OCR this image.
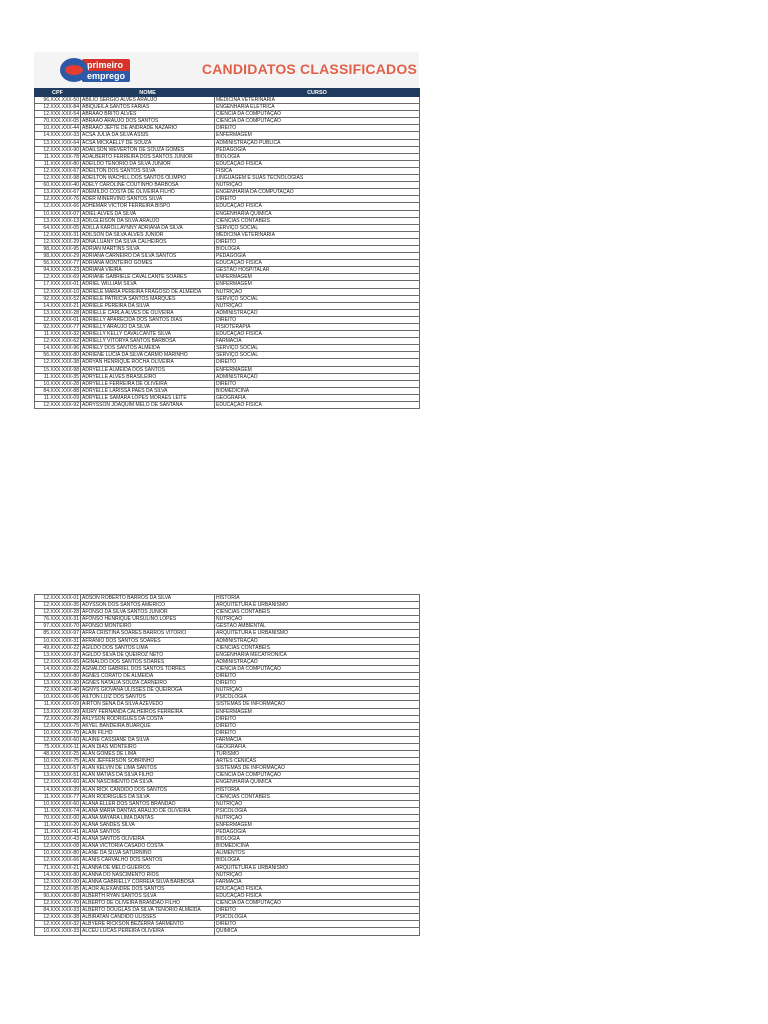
primeiro
emprego	CANDIDATOS CLASSIFICADOS
CPF	NOME	CURSO
96.XXX.XXX-50	ABILIO SÉRGIO ALVES ARAÚJO	MEDICINA VETERINÁRIA
12.XXX.XXX-84	ABIQUEILA SANTOS FARIAS	ENGENHARIA ELÉTRICA
12.XXX.XXX-54	ABRAAO BRITO ALVES	CIÊNCIA DA COMPUTAÇÃO
70.XXX.XXX-05	ABRAÃO ARAÚJO DOS SANTOS	CIÊNCIA DA COMPUTAÇÃO
10.XXX.XXX-44	ABRAÃO JEFTE DE ANDRADE NAZARIO	DIREITO
14.XXX.XXX-33	ACSA JULIA DA SILVA ASSIS	ENFERMAGEM
13.XXX.XXX-64	ACSA MICKAELLY DE SOUZA	ADMINISTRAÇÃO PÚBLICA
12.XXX.XXX-90	ADAILSON WEVERTON DE SOUZA GOMES	PEDAGOGIA
11.XXX.XXX-78	ADALBERTO FERREIRA DOS SANTOS JUNIOR	BIOLOGIA
11.XXX.XXX-80	ADEILDO TENÓRIO DA SILVA JÚNIOR	EDUCAÇÃO FÍSICA
12.XXX.XXX-67	ADEILTON DOS SANTOS SILVA	FÍSICA
12.XXX.XXX-98	ADEILTON WACHILL DOS SANTOS OLIMPIO	LINGUAGEM E SUAS TECNOLOGIAS
60.XXX.XXX-40	ADELY CAROLINE COUTINHO BARBOSA	NUTRIÇÃO
13.XXX.XXX-67	ADEMILDO COSTA DE OLIVEIRA FILHO	ENGENHARIA DA COMPUTAÇÃO
12.XXX.XXX-76	ADER MINERVINO SANTOS SILVA	DIREITO
12.XXX.XXX-66	ADHEMAR VICTOR FERREIRA BISPO	EDUCAÇÃO FÍSICA
10.XXX.XXX-07	ADIEL ALVES DA SILVA	ENGENHARIA QUÍMICA
13.XXX.XXX-13	ADILGLEISON DA SILVA ARAÚJO	CIÊNCIAS CONTÁBEIS
64.XXX.XXX-05	ADILLA KAROLLAYNNY ADRIANA DA SILVA	SERVIÇO SOCIAL
12.XXX.XXX-31	ADILSON DA SILVA ALVES JUNIOR	MEDICINA VETERINÁRIA
12.XXX.XXX-29	ADNA LUANY DA SILVA CALHEIROS	DIREITO
98.XXX.XXX-95	ADRIAN MARTINS SILVA	BIOLOGIA
98.XXX.XXX-29	ADRIANA CARNEIRO DA SILVA SANTOS	PEDAGOGIA
56.XXX.XXX-77	ADRIANA MONTEIRO GOMES	EDUCAÇÃO FÍSICA
94.XXX.XXX-23	ADRIANA VIEIRA	GESTÃO HOSPITALAR
12.XXX.XXX-69	ADRIANE GABRIELE CAVALCANTE SOARES	ENFERMAGEM
17.XXX.XXX-01	ADRIEL WILLIAM SILVA	ENFERMAGEM
12.XXX.XXX-10	ADRIELE MARIA PEREIRA FRAGOSO DE ALMEIDA	NUTRIÇÃO
92.XXX.XXX-52	ADRIELE PATRÍCIA SANTOS MARQUES	SERVIÇO SOCIAL
14.XXX.XXX-21	ADRIELE PEREIRA DA SILVA	NUTRIÇÃO
13.XXX.XXX-28	ADRIELLE CARLA ALVES DE OLIVEIRA	ADMINISTRAÇÃO
12.XXX.XXX-01	ADRIELLY APARECIDA DOS SANTOS DIAS	DIREITO
92.XXX.XXX-77	ADRIELLY ARAUJO DA SILVA	FISIOTERAPIA
11.XXX.XXX-32	ADRIELLY KELLY CAVALCANTE SILVA	EDUCAÇÃO FÍSICA
12.XXX.XXX-62	ADRIELLY VITÓRYA SANTOS BARBOSA	FARMÁCIA
14.XXX.XXX-96	ADRIELY DOS SANTOS ALMEIDA	SERVIÇO SOCIAL
56.XXX.XXX-80	ADRIENE LUCIA DA SILVA CARMO MARINHO	SERVIÇO SOCIAL
12.XXX.XXX-38	ADRYAN HENRIQUE ROCHA OLIVEIRA	DIREITO
15.XXX.XXX-98	ADRYELLE ALMEIDA DOS SANTOS	ENFERMAGEM
11.XXX.XXX-35	ADRYELLE ALVES BRASILEIRO	ADMINISTRAÇÃO
10.XXX.XXX-28	ADRYELLE FERREIRA DE OLIVEIRA	DIREITO
84.XXX.XXX-88	ADRYELLE LARISSA PAES DA SILVA	BIOMEDICINA
11.XXX.XXX-09	ADRYELLE SAMARA LOPES MORAES LEITE	GEOGRAFIA
12.XXX.XXX-92	ADRYSSON JOAQUIM MELO DE SANTANA	EDUCAÇÃO FÍSICA
12.XXX.XXX-01	ADSON ROBERTO BARROS DA SILVA	HISTÓRIA
12.XXX.XXX-35	ADYSSON DOS SANTOS AMERICO	ARQUITETURA E URBANISMO
12.XXX.XXX-28	AFONSO DA SILVA SANTOS JUNIOR	CIÊNCIAS CONTÁBEIS
76.XXX.XXX-31	AFONSO HENRIQUE URSULINO LOPES	NUTRIÇÃO
97.XXX.XXX-70	AFONSO MONTEIRO	GESTÃO AMBIENTAL
85.XXX.XXX-97	AFRA CRISTINA SOARES BARROS VITÓRIO	ARQUITETURA E URBANISMO
10.XXX.XXX-31	AFRÂNIO DOS SANTOS SOARES	ADMINISTRAÇÃO
49.XXX.XXX-22	AGILDO DOS SANTOS LIMA	CIÊNCIAS CONTÁBEIS
13.XXX.XXX-37	AGILDO SILVA DE QUEIROZ NETO	ENGENHARIA MECATRÔNICA
12.XXX.XXX-65	AGINALDO DOS SANTOS SOARES	ADMINISTRAÇÃO
14.XXX.XXX-22	AGNALDO GABRIEL DOS SANTOS TORRES	CIÊNCIA DA COMPUTAÇÃO
12.XXX.XXX-80	AGNES CORATO DE ALMEIDA	DIREITO
13.XXX.XXX-20	AGNES NATALIA SOUZA CARNEIRO	DIREITO
72.XXX.XXX-40	AGNYS GIOVANA ULISSES DE QUEIROGA	NUTRIÇÃO
10.XXX.XXX-06	AILTON LUIZ DOS SANTOS	PSICOLOGIA
11.XXX.XXX-09	AIRTON SENA DA SILVA AZEVEDO	SISTEMAS DE INFORMAÇÃO
13.XXX.XXX-99	AIURY FERNANDA CALHEIROS FERREIRA	ENFERMAGEM
72.XXX.XXX-29	AKLYSON RODRIGUES DA COSTA	DIREITO
12.XXX.XXX-75	AKYEL BANDEIRA BUARQUE	DIREITO
10.XXX.XXX-70	ALAIN FILHO	DIREITO
12.XXX.XXX-60	ALAINE CASSIANE DA SILVA	FARMÁCIA
75.XXX.XXX-11	ALAN DIAS MONTEIRO	GEOGRAFIA
48.XXX.XXX-25	ALAN GOMES DE LIMA	TURISMO
10.XXX.XXX-75	ALAN JEFFERSON SOBRINHO	ARTES CÊNICAS
13.XXX.XXX-57	ALAN KELVIN DE LIMA SANTOS	SISTEMAS DE INFORMAÇÃO
13.XXX.XXX-51	ALAN MATIAS DA SILVA FILHO	CIÊNCIA DA COMPUTAÇÃO
12.XXX.XXX-60	ALAN NASCIMENTO DA SILVA	ENGENHARIA QUÍMICA
14.XXX.XXX-39	ALAN RICK CÂNDIDO DOS SANTOS	HISTÓRIA
11.XXX.XXX-77	ALAN RODRIGUES DA SILVA	CIÊNCIAS CONTÁBEIS
10.XXX.XXX-60	ALANA ELLER DOS SANTOS BRANDÃO	NUTRIÇÃO
11.XXX.XXX-74	ALANA MARIA DANTAS ARAÚJO DE OLIVEIRA	PSICOLOGIA
70.XXX.XXX-00	ALANA MAYARA LIMA DANTAS	NUTRIÇÃO
11.XXX.XXX-20	ALANA SANDES SILVA	ENFERMAGEM
11.XXX.XXX-41	ALANA SANTOS	PEDAGOGIA
10.XXX.XXX-43	ALANA SANTOS OLIVEIRA	BIOLOGIA
12.XXX.XXX-08	ALANA VICTORIA CASADO COSTA	BIOMEDICINA
10.XXX.XXX-80	ALANE DA SILVA SATURNINO	ALIMENTOS
12.XXX.XXX-66	ALANIS CARVALHO DOS SANTOS	BIOLOGIA
71.XXX.XXX-21	ALANNA DE MELO GUEIROS	ARQUITETURA E URBANISMO
14.XXX.XXX-80	ALANNA DO NASCIMENTO RIOS	NUTRIÇÃO
12.XXX.XXX-00	ALANNA GABRIELLY CORREIA SILVA BARBOSA	FARMÁCIA
12.XXX.XXX-95	ALAOR ALEXANDRE DOS SANTOS	EDUCAÇÃO FÍSICA
90.XXX.XXX-80	ALBERTH RYAN SANTOS SILVA	EDUCAÇÃO FÍSICA
12.XXX.XXX-70	ALBERTO DE OLIVEIRA BRANDÃO FILHO	CIÊNCIA DA COMPUTAÇÃO
84.XXX.XXX-33	ALBERTO DOUGLAS DA SILVA TENÓRIO ALMEIDA	DIREITO
12.XXX.XXX-38	ALBIRATAN CÂNDIDO ULISSES	PSICOLOGIA
12.XXX.XXX-32	ALBYERE RICKSON BEZERRA SARMENTO	DIREITO
10.XXX.XXX-33	ALCEU LUCAS PEREIRA OLIVEIRA	QUÍMICA
